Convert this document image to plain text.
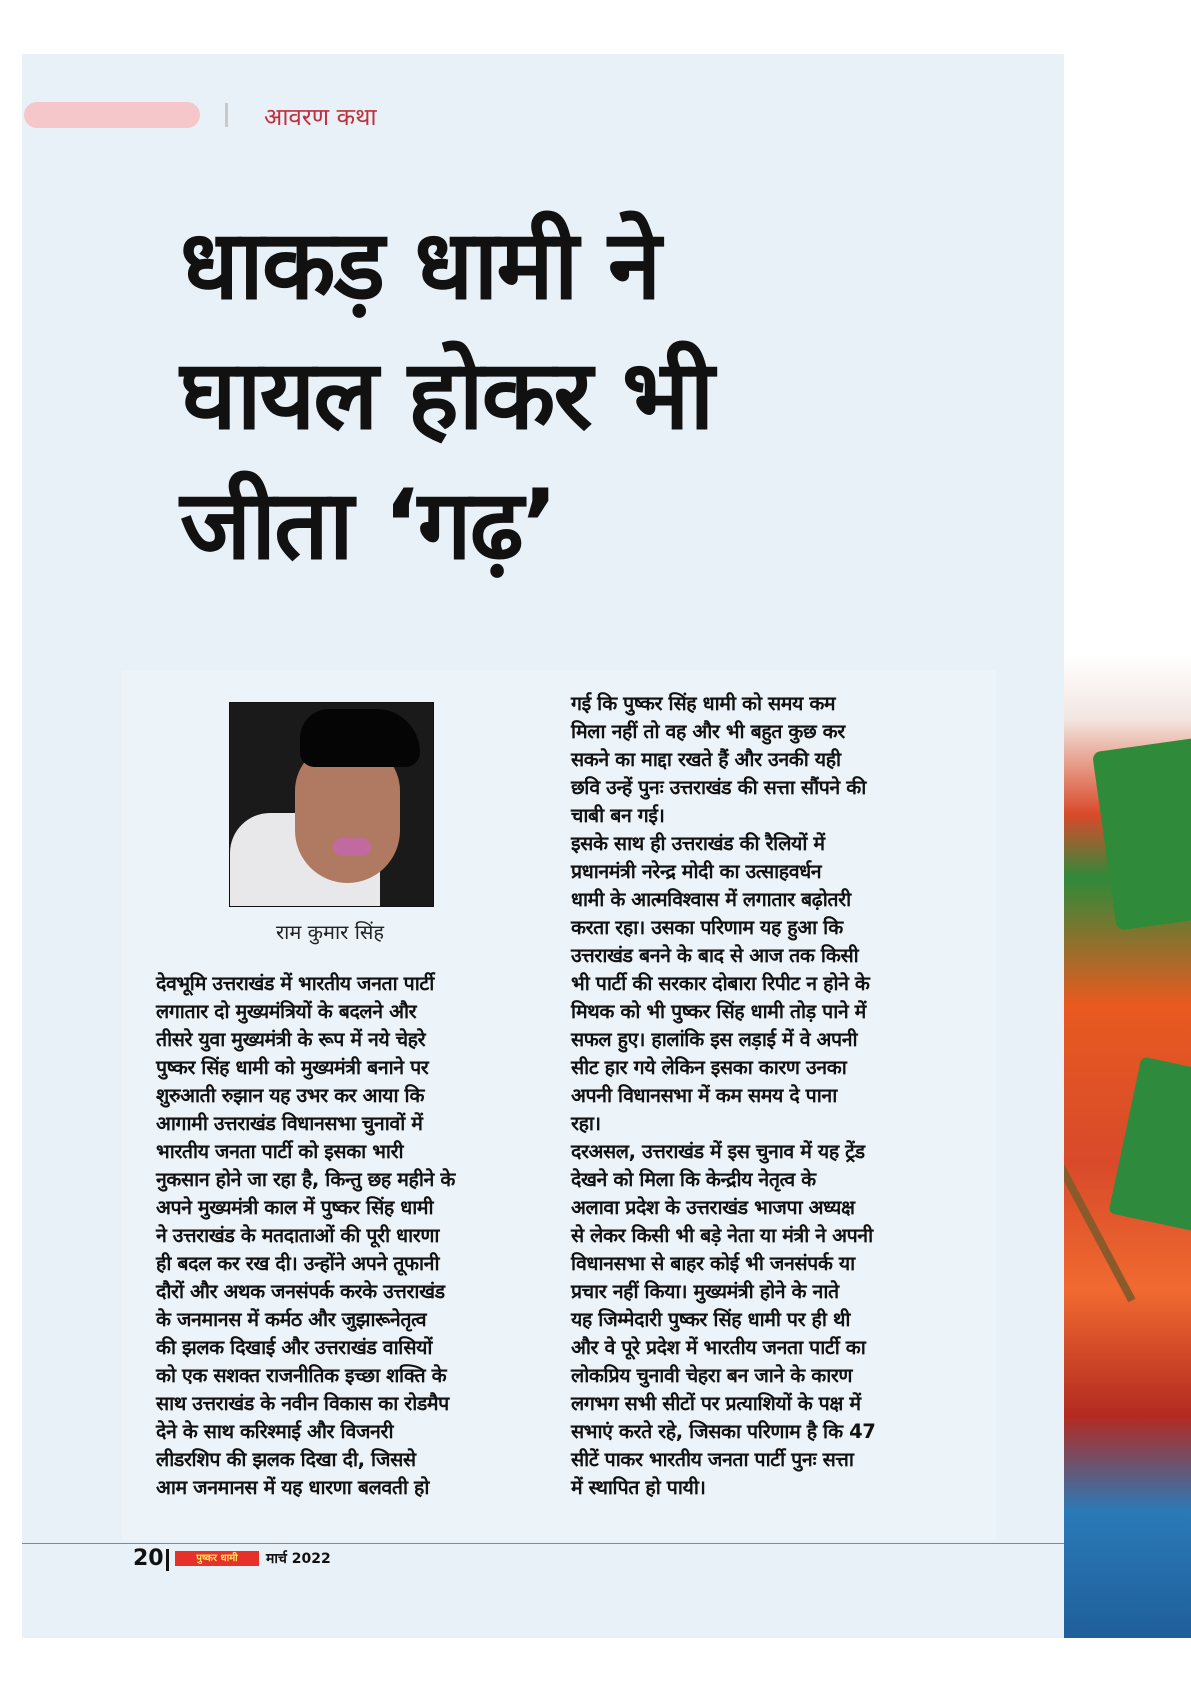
आवरण कथा
धाकड़ धामी ने
घायल होकर भी
जीता ‘गढ़’
राम कुमार सिंह
देवभूमि उत्तराखंड में भारतीय जनता पार्टी
लगातार दो मुख्यमंत्रियों के बदलने और
तीसरे युवा मुख्यमंत्री के रूप में नये चेहरे
पुष्कर सिंह धामी को मुख्यमंत्री बनाने पर
शुरुआती रुझान यह उभर कर आया कि
आगामी उत्तराखंड विधानसभा चुनावों में
भारतीय जनता पार्टी को इसका भारी
नुकसान होने जा रहा है, किन्तु छह महीने के
अपने मुख्यमंत्री काल में पुष्कर सिंह धामी
ने उत्तराखंड के मतदाताओं की पूरी धारणा
ही बदल कर रख दी। उन्होंने अपने तूफानी
दौरों और अथक जनसंपर्क करके उत्तराखंड
के जनमानस में कर्मठ और जुझारूनेतृत्व
की झलक दिखाई और उत्तराखंड वासियों
को एक सशक्त राजनीतिक इच्छा शक्ति के
साथ उत्तराखंड के नवीन विकास का रोडमैप
देने के साथ करिश्माई और विजनरी
लीडरशिप की झलक दिखा दी, जिससे
आम जनमानस में यह धारणा बलवती हो
गई कि पुष्कर सिंह धामी को समय कम
मिला नहीं तो वह और भी बहुत कुछ कर
सकने का माद्दा रखते हैं और उनकी यही
छवि उन्हें पुनः उत्तराखंड की सत्ता सौंपने की
चाबी बन गई।
इसके साथ ही उत्तराखंड की रैलियों में
प्रधानमंत्री नरेन्द्र मोदी का उत्साहवर्धन
धामी के आत्मविश्वास में लगातार बढ़ोतरी
करता रहा। उसका परिणाम यह हुआ कि
उत्तराखंड बनने के बाद से आज तक किसी
भी पार्टी की सरकार दोबारा रिपीट न होने के
मिथक को भी पुष्कर सिंह धामी तोड़ पाने में
सफल हुए। हालांकि इस लड़ाई में वे अपनी
सीट हार गये लेकिन इसका कारण उनका
अपनी विधानसभा में कम समय दे पाना
रहा।
दरअसल, उत्तराखंड में इस चुनाव में यह ट्रेंड
देखने को मिला कि केन्द्रीय नेतृत्व के
अलावा प्रदेश के उत्तराखंड भाजपा अध्यक्ष
से लेकर किसी भी बड़े नेता या मंत्री ने अपनी
विधानसभा से बाहर कोई भी जनसंपर्क या
प्रचार नहीं किया। मुख्यमंत्री होने के नाते
यह जिम्मेदारी पुष्कर सिंह धामी पर ही थी
और वे पूरे प्रदेश में भारतीय जनता पार्टी का
लोकप्रिय चुनावी चेहरा बन जाने के कारण
लगभग सभी सीटों पर प्रत्याशियों के पक्ष में
सभाएं करते रहे, जिसका परिणाम है कि 47
सीटें पाकर भारतीय जनता पार्टी पुनः सत्ता
में स्थापित हो पायी।
20	पुष्कर धामी	मार्च 2022
